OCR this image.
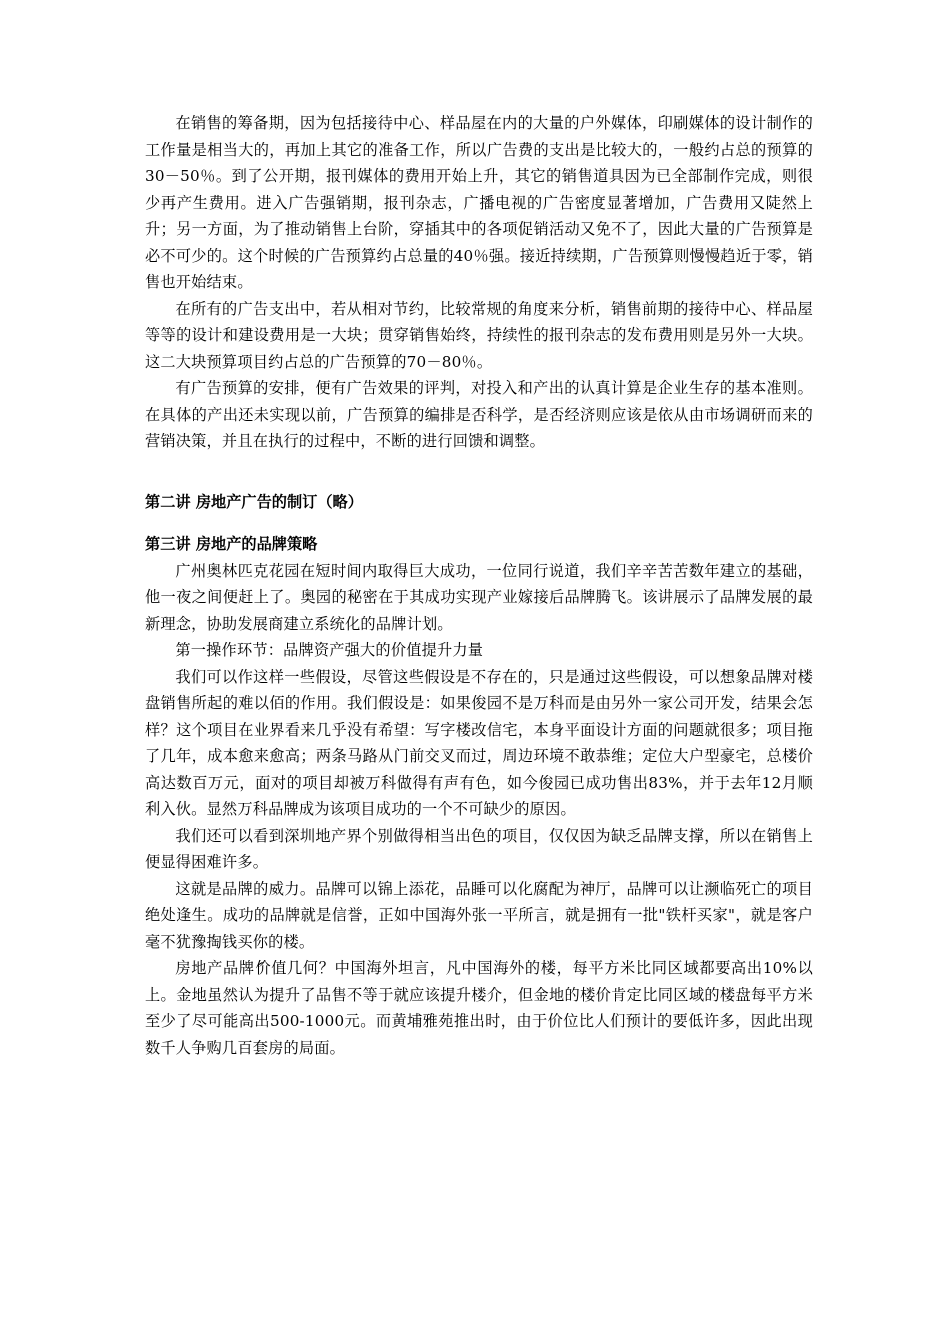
在销售的筹备期，因为包括接待中心、样品屋在内的大量的户外媒体，印刷媒体的设计制作的工作量是相当大的，再加上其它的准备工作，所以广告费的支出是比较大的，一般约占总的预算的30－50％。到了公开期，报刊媒体的费用开始上升，其它的销售道具因为已全部制作完成，则很少再产生费用。进入广告强销期，报刊杂志，广播电视的广告密度显著增加，广告费用又陡然上升；另一方面，为了推动销售上台阶，穿插其中的各项促销活动又免不了，因此大量的广告预算是必不可少的。这个时候的广告预算约占总量的40％强。接近持续期，广告预算则慢慢趋近于零，销售也开始结束。

在所有的广告支出中，若从相对节约，比较常规的角度来分析，销售前期的接待中心、样品屋等等的设计和建设费用是一大块；贯穿销售始终，持续性的报刊杂志的发布费用则是另外一大块。这二大块预算项目约占总的广告预算的70－80％。

有广告预算的安排，便有广告效果的评判，对投入和产出的认真计算是企业生存的基本准则。在具体的产出还未实现以前，广告预算的编排是否科学，是否经济则应该是依从由市场调研而来的营销决策，并且在执行的过程中，不断的进行回馈和调整。

第二讲 房地产广告的制订（略）
第三讲 房地产的品牌策略

广州奥林匹克花园在短时间内取得巨大成功，一位同行说道，我们辛辛苦苦数年建立的基础，他一夜之间便赶上了。奥园的秘密在于其成功实现产业嫁接后品牌腾飞。该讲展示了品牌发展的最新理念，协助发展商建立系统化的品牌计划。

第一操作环节：品牌资产强大的价值提升力量

我们可以作这样一些假设，尽管这些假设是不存在的，只是通过这些假设，可以想象品牌对楼盘销售所起的难以佰的作用。我们假设是：如果俊园不是万科而是由另外一家公司开发，结果会怎样？这个项目在业界看来几乎没有希望：写字楼改信宅，本身平面设计方面的问题就很多；项目拖了几年，成本愈来愈高；两条马路从门前交叉而过，周边环境不敢恭维；定位大户型豪宅，总楼价高达数百万元，面对的项目却被万科做得有声有色，如今俊园已成功售出83%，并于去年12月顺利入伙。显然万科品牌成为该项目成功的一个不可缺少的原因。

我们还可以看到深圳地产界个别做得相当出色的项目，仅仅因为缺乏品牌支撑，所以在销售上便显得困难许多。

这就是品牌的威力。品牌可以锦上添花，品睡可以化腐配为神厅，品牌可以让濒临死亡的项目绝处逢生。成功的品牌就是信誉，正如中国海外张一平所言，就是拥有一批"铁杆买家"，就是客户毫不犹豫掏钱买你的楼。

房地产品牌ަ价值几何？中国海外坦言，凡中国海外的楼，每平方米比同区域都要高出10%以上。金地虽然认为提升了品售不等于就应该提升楼介，但金地的楼价肯定比同区域的楼盘每平方米至少了尽可能高出500-1000元。而黄埔雅苑推出时，由于价位比人们预计的要低许多，因此出现数千人争购几百套房的局面。
